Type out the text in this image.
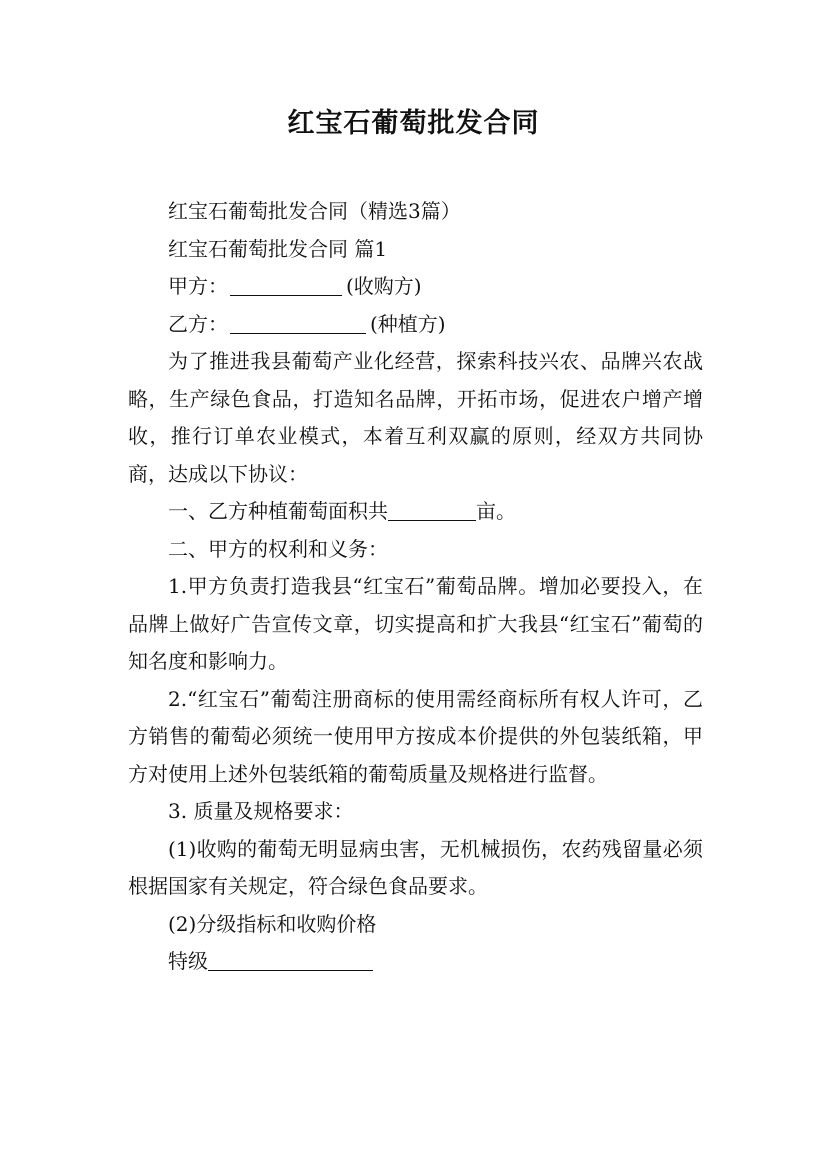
红宝石葡萄批发合同

红宝石葡萄批发合同（精选3篇）

红宝石葡萄批发合同 篇1

甲方：	(收购方)

乙方：	(种植方)

为了推进我县葡萄产业化经营，探索科技兴农、品牌兴农战略，生产绿色食品，打造知名品牌，开拓市场，促进农户增产增收，推行订单农业模式，本着互利双赢的原则，经双方共同协商，达成以下协议：

一、乙方种植葡萄面积共	亩。

二、甲方的权利和义务：

1.甲方负责打造我县“红宝石”葡萄品牌。增加必要投入，在品牌上做好广告宣传文章，切实提高和扩大我县“红宝石”葡萄的知名度和影响力。

2.“红宝石”葡萄注册商标的使用需经商标所有权人许可，乙方销售的葡萄必须统一使用甲方按成本价提供的外包装纸箱，甲方对使用上述外包装纸箱的葡萄质量及规格进行监督。

3. 质量及规格要求：

(1)收购的葡萄无明显病虫害，无机械损伤，农药残留量必须根据国家有关规定，符合绿色食品要求。

(2)分级指标和收购价格

特级
